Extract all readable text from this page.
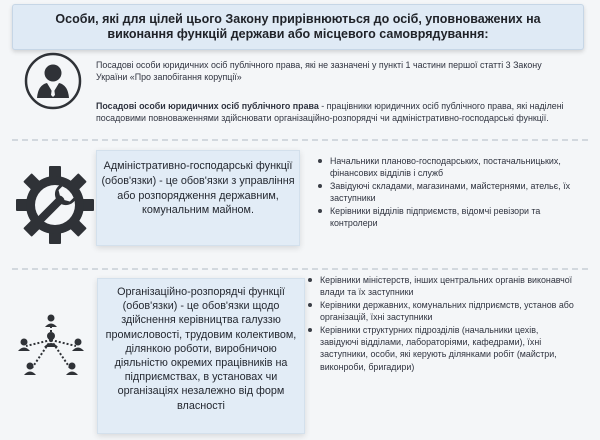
Особи, які для цілей цього Закону прирівнюються до осіб, уповноважених на виконання функцій держави або місцевого самоврядування:

Посадові особи юридичних осіб публічного права, які не зазначені у пункті 1 частини першої статті 3 Закону України «Про запобігання корупції»

Посадові особи юридичних осіб публічного права - працівники юридичних осіб публічного права, які наділені посадовими повноваженнями здійснювати організаційно-розпорядчі чи адміністративно-господарські функції.

Адміністративно-господарські функції (обов'язки) - це обов'язки з управління або розпорядження державним, комунальним майном.

Начальники планово-господарських, постачальницьких, фінансових відділів і служб
Завідуючі складами, магазинами, майстернями, ательє, їх заступники
Керівники відділів підприємств, відомчі ревізори та контролери

Організаційно-розпорядчі функції (обов'язки) - це обов'язки щодо здійснення керівництва галуззю промисловості, трудовим колективом, ділянкою роботи, виробничою діяльністю окремих працівників на підприємствах, в установах чи організаціях незалежно від форм власності

Керівники міністерств, інших центральних органів виконавчої влади та їх заступники
Керівники державних, комунальних підприємств, установ або організацій, їхні заступники
Керівники структурних підрозділів (начальники цехів, завідуючі відділами, лабораторіями, кафедрами), їхні заступники, особи, які керують ділянками робіт (майстри, виконроби, бригадири)
